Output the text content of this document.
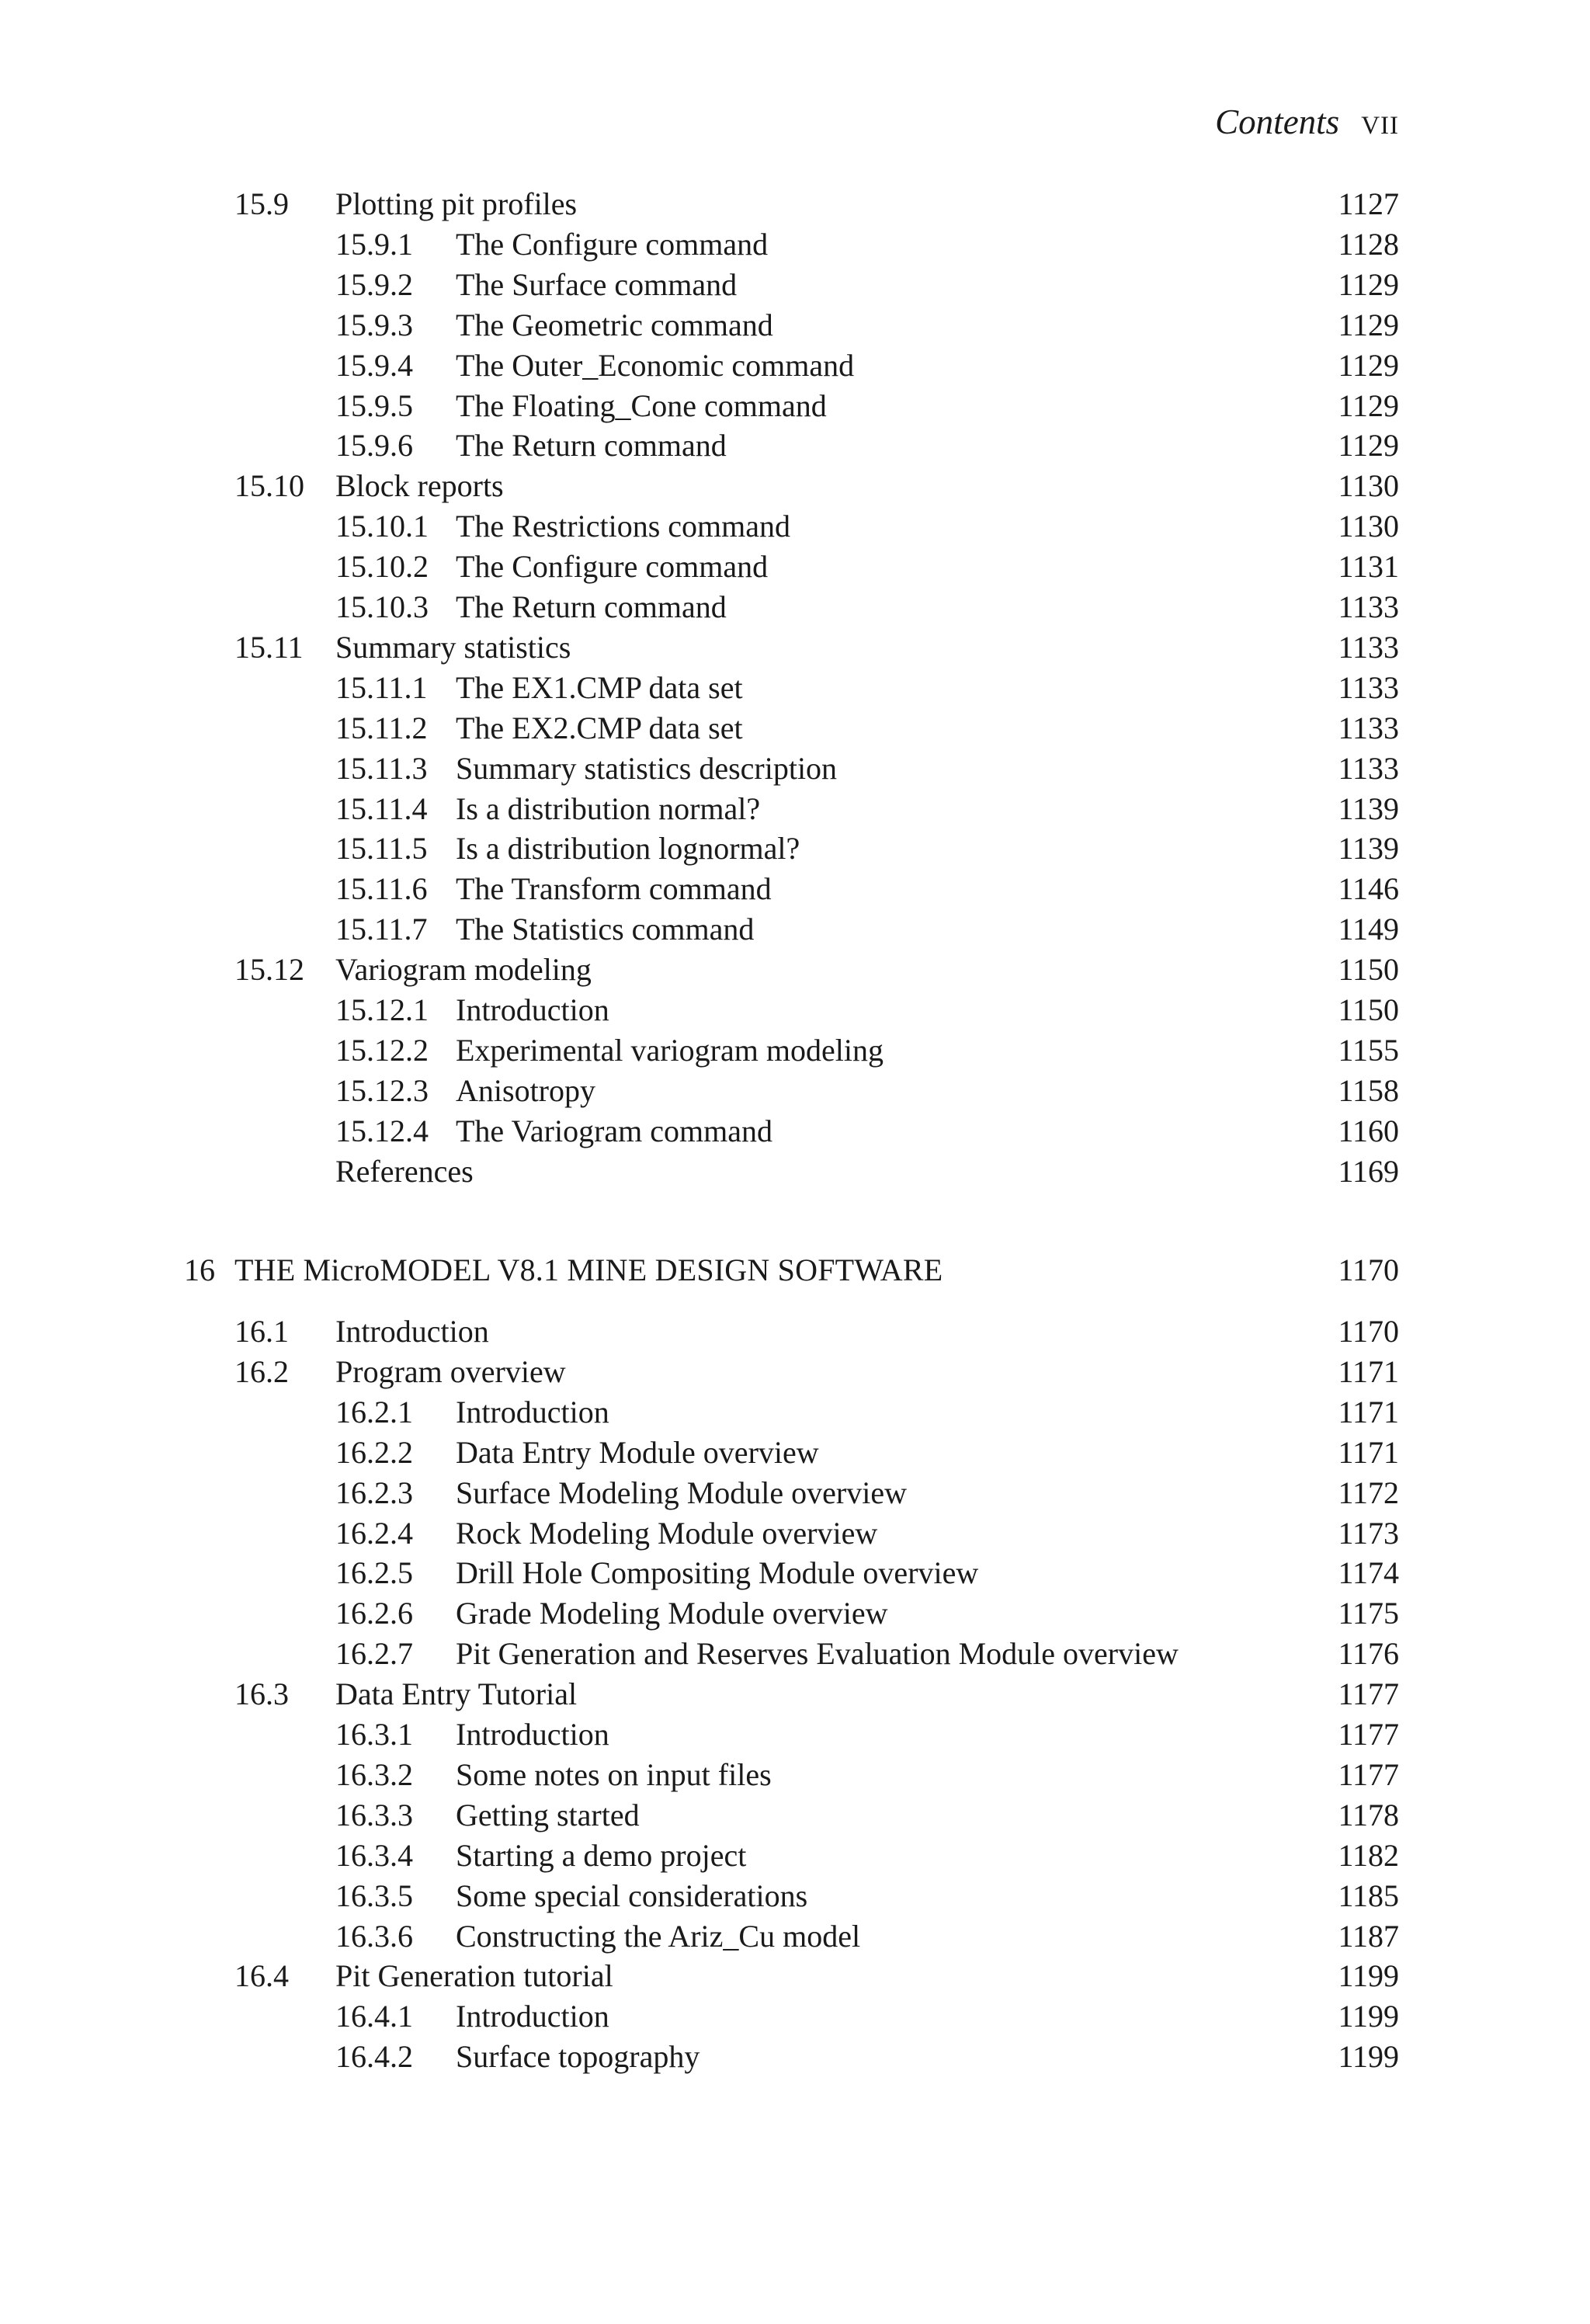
Contents VII
15.9 Plotting pit profiles	1127
15.9.1 The Configure command	1128
15.9.2 The Surface command	1129
15.9.3 The Geometric command	1129
15.9.4 The Outer_Economic command	1129
15.9.5 The Floating_Cone command	1129
15.9.6 The Return command	1129
15.10 Block reports	1130
15.10.1 The Restrictions command	1130
15.10.2 The Configure command	1131
15.10.3 The Return command	1133
15.11 Summary statistics	1133
15.11.1 The EX1.CMP data set	1133
15.11.2 The EX2.CMP data set	1133
15.11.3 Summary statistics description	1133
15.11.4 Is a distribution normal?	1139
15.11.5 Is a distribution lognormal?	1139
15.11.6 The Transform command	1146
15.11.7 The Statistics command	1149
15.12 Variogram modeling	1150
15.12.1 Introduction	1150
15.12.2 Experimental variogram modeling	1155
15.12.3 Anisotropy	1158
15.12.4 The Variogram command	1160
References	1169
16 THE MicroMODEL V8.1 MINE DESIGN SOFTWARE	1170
16.1 Introduction	1170
16.2 Program overview	1171
16.2.1 Introduction	1171
16.2.2 Data Entry Module overview	1171
16.2.3 Surface Modeling Module overview	1172
16.2.4 Rock Modeling Module overview	1173
16.2.5 Drill Hole Compositing Module overview	1174
16.2.6 Grade Modeling Module overview	1175
16.2.7 Pit Generation and Reserves Evaluation Module overview	1176
16.3 Data Entry Tutorial	1177
16.3.1 Introduction	1177
16.3.2 Some notes on input files	1177
16.3.3 Getting started	1178
16.3.4 Starting a demo project	1182
16.3.5 Some special considerations	1185
16.3.6 Constructing the Ariz_Cu model	1187
16.4 Pit Generation tutorial	1199
16.4.1 Introduction	1199
16.4.2 Surface topography	1199
